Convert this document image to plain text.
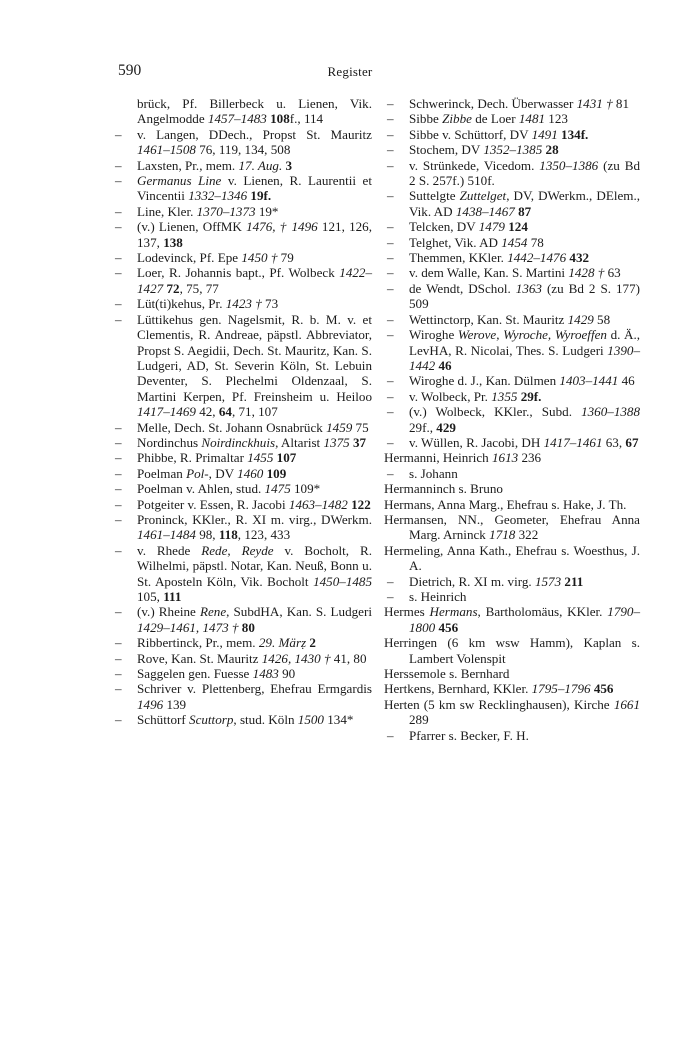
590	Register
brück, Pf. Billerbeck u. Lienen, Vik. Angelmodde 1457–1483 108f., 114
– v. Langen, DDech., Propst St. Mauritz 1461–1508 76, 119, 134, 508
– Laxsten, Pr., mem. 17. Aug. 3
– Germanus Line v. Lienen, R. Laurentii et Vincentii 1332–1346 19f.
– Line, Kler. 1370–1373 19*
– (v.) Lienen, OffMK 1476, † 1496 121, 126, 137, 138
– Lodevinck, Pf. Epe 1450 † 79
– Loer, R. Johannis bapt., Pf. Wolbeck 1422–1427 72, 75, 77
– Lüt(ti)kehus, Pr. 1423 † 73
– Lüttikehus gen. Nagelsmit, R. b. M. v. et Clementis, R. Andreae, päpstl. Abbreviator, Propst S. Aegidii, Dech. St. Mauritz, Kan. S. Ludgeri, AD, St. Severin Köln, St. Lebuin Deventer, S. Plechelmi Oldenzaal, S. Martini Kerpen, Pf. Freinsheim u. Heiloo 1417–1469 42, 64, 71, 107
– Melle, Dech. St. Johann Osnabrück 1459 75
– Nordinchus Noirdinckhuis, Altarist 1375 37
– Phibbe, R. Primaltar 1455 107
– Poelman Pol-, DV 1460 109
– Poelman v. Ahlen, stud. 1475 109*
– Potgeiter v. Essen, R. Jacobi 1463–1482 122
– Proninck, KKler., R. XI m. virg., DWerkm. 1461–1484 98, 118, 123, 433
– v. Rhede Rede, Reyde v. Bocholt, R. Wilhelmi, päpstl. Notar, Kan. Neuß, Bonn u. St. Aposteln Köln, Vik. Bocholt 1450–1485 105, 111
– (v.) Rheine Rene, SubdHA, Kan. S. Ludgeri 1429–1461, 1473 † 80
– Ribbertinck, Pr., mem. 29. Märẓ 2
– Rove, Kan. St. Mauritz 1426, 1430 † 41, 80
– Saggelen gen. Fuesse 1483 90
– Schriver v. Plettenberg, Ehefrau Ermgardis 1496 139
– Schüttorf Scuttorp, stud. Köln 1500 134*
– Schwerinck, Dech. Überwasser 1431 † 81
– Sibbe Zibbe de Loer 1481 123
– Sibbe v. Schüttorf, DV 1491 134f.
– Stochem, DV 1352–1385 28
– v. Strünkede, Vicedom. 1350–1386 (zu Bd 2 S. 257f.) 510f.
– Suttelgte Zuttelget, DV, DWerkm., DElem., Vik. AD 1438–1467 87
– Telcken, DV 1479 124
– Telghet, Vik. AD 1454 78
– Themmen, KKler. 1442–1476 432
– v. dem Walle, Kan. S. Martini 1428 † 63
– de Wendt, DSchol. 1363 (zu Bd 2 S. 177) 509
– Wettinctorp, Kan. St. Mauritz 1429 58
– Wiroghe Werove, Wyroche, Wyroeffen d. Ä., LevHA, R. Nicolai, Thes. S. Ludgeri 1390–1442 46
– Wiroghe d. J., Kan. Dülmen 1403–1441 46
– v. Wolbeck, Pr. 1355 29f.
– (v.) Wolbeck, KKler., Subd. 1360–1388 29f., 429
– v. Wüllen, R. Jacobi, DH 1417–1461 63, 67
Hermanni, Heinrich 1613 236
– s. Johann
Hermanninch s. Bruno
Hermans, Anna Marg., Ehefrau s. Hake, J. Th.
Hermansen, NN., Geometer, Ehefrau Anna Marg. Arninck 1718 322
Hermeling, Anna Kath., Ehefrau s. Woesthus, J. A.
– Dietrich, R. XI m. virg. 1573 211
– s. Heinrich
Hermes Hermans, Bartholomäus, KKler. 1790–1800 456
Herringen (6 km wsw Hamm), Kaplan s. Lambert Volenspit
Herssemole s. Bernhard
Hertkens, Bernhard, KKler. 1795–1796 456
Herten (5 km sw Recklinghausen), Kirche 1661 289
– Pfarrer s. Becker, F. H.
